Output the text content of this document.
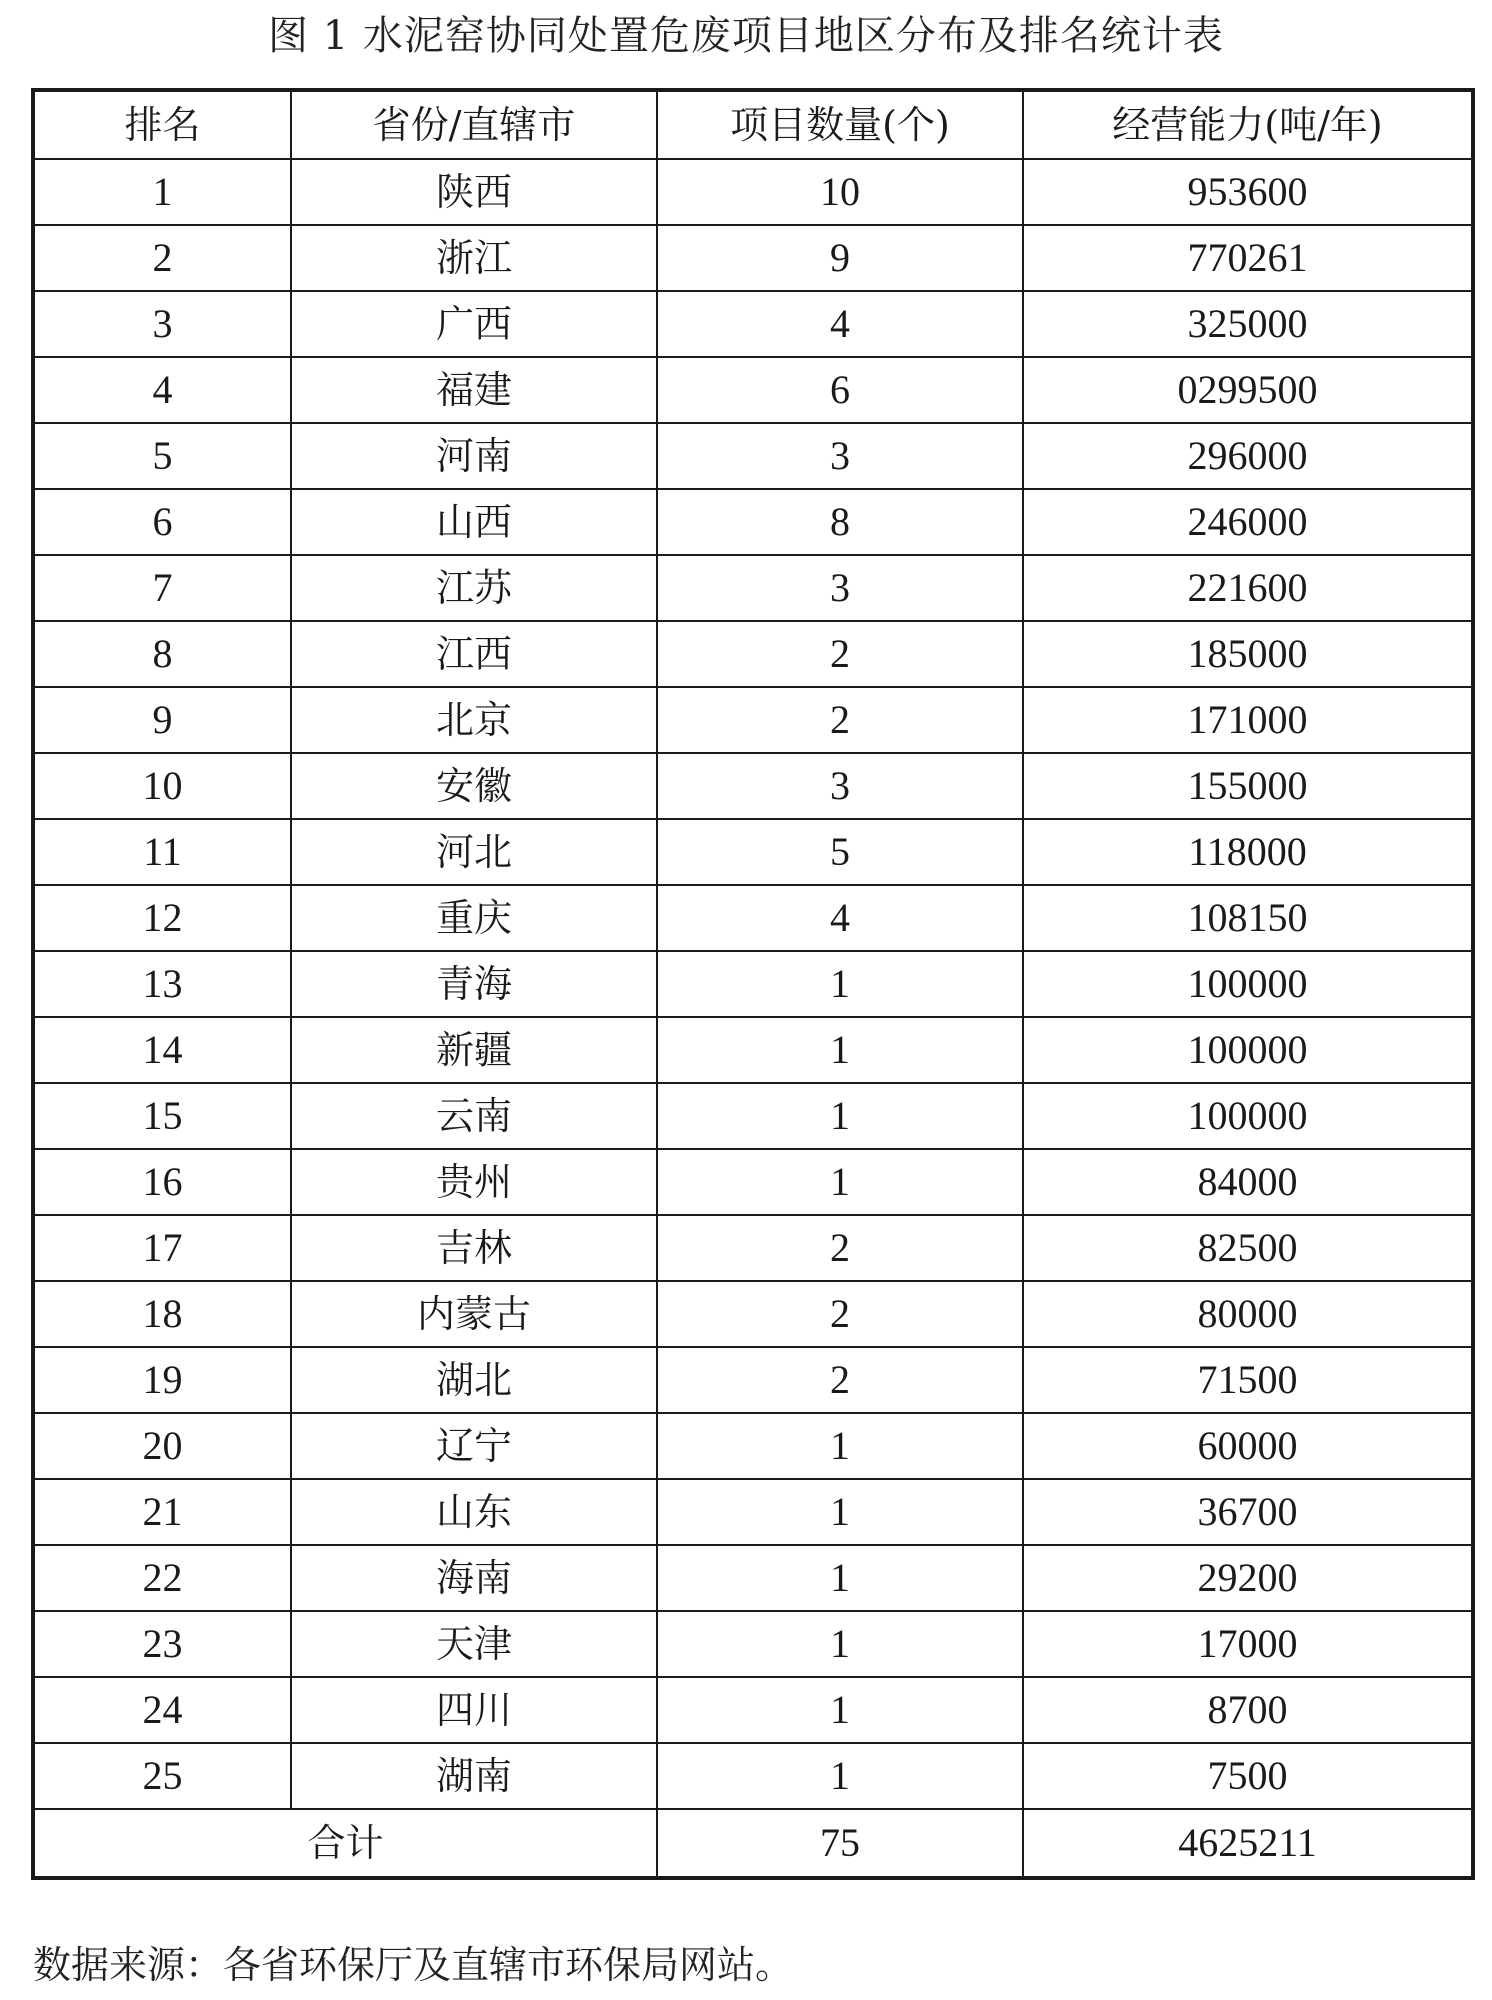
图 1 水泥窑协同处置危废项目地区分布及排名统计表
排名	省份/直辖市	项目数量(个)	经营能力(吨/年)
1	陕西	10	953600
2	浙江	9	770261
3	广西	4	325000
4	福建	6	0299500
5	河南	3	296000
6	山西	8	246000
7	江苏	3	221600
8	江西	2	185000
9	北京	2	171000
10	安徽	3	155000
11	河北	5	118000
12	重庆	4	108150
13	青海	1	100000
14	新疆	1	100000
15	云南	1	100000
16	贵州	1	84000
17	吉林	2	82500
18	内蒙古	2	80000
19	湖北	2	71500
20	辽宁	1	60000
21	山东	1	36700
22	海南	1	29200
23	天津	1	17000
24	四川	1	8700
25	湖南	1	7500
合计		75	4625211
数据来源：各省环保厅及直辖市环保局网站。
